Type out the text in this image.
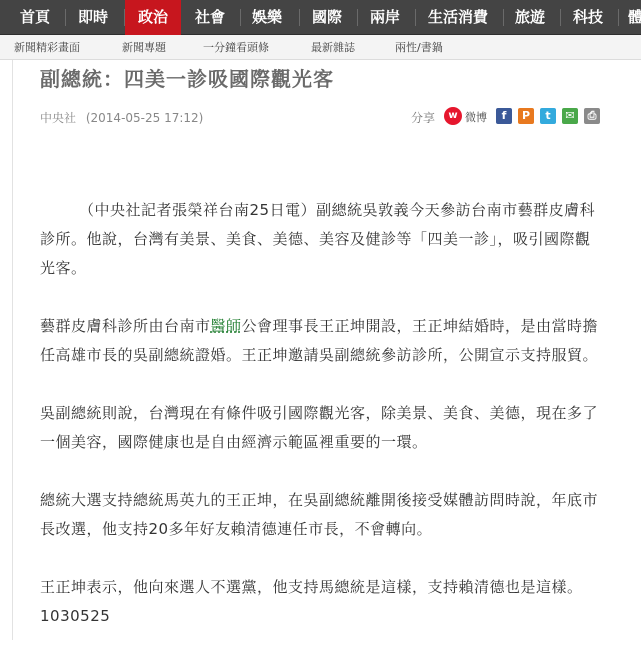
首頁 即時	政治	社會 娛樂 國際 兩岸 生活消費 旅遊 科技 體
新聞精彩畫面	新聞專題	一分鐘看頭條	最新雜誌	兩性/書鍋
副總統：四美一診吸國際觀光客
中央社 (2014-05-25 17:12)	分享	w 微博	f	P	t	✉	⎙

（中央社記者張榮祥台南25日電）副總統吳敦義今天參訪台南市藝群皮膚科診所。他說，台灣有美景、美食、美德、美容及健診等「四美一診」，吸引國際觀光客。

藝群皮膚科診所由台南市醫師公會理事長王正坤開設，王正坤結婚時，是由當時擔任高雄市長的吳副總統證婚。王正坤邀請吳副總統參訪診所，公開宣示支持服貿。

吳副總統則說，台灣現在有條件吸引國際觀光客，除美景、美食、美德，現在多了一個美容，國際健康也是自由經濟示範區裡重要的一環。

總統大選支持總統馬英九的王正坤，在吳副總統離開後接受媒體訪問時說，年底市長改選，他支持20多年好友賴清德連任市長，不會轉向。

王正坤表示，他向來選人不選黨，他支持馬總統是這樣，支持賴清德也是這樣。1030525
